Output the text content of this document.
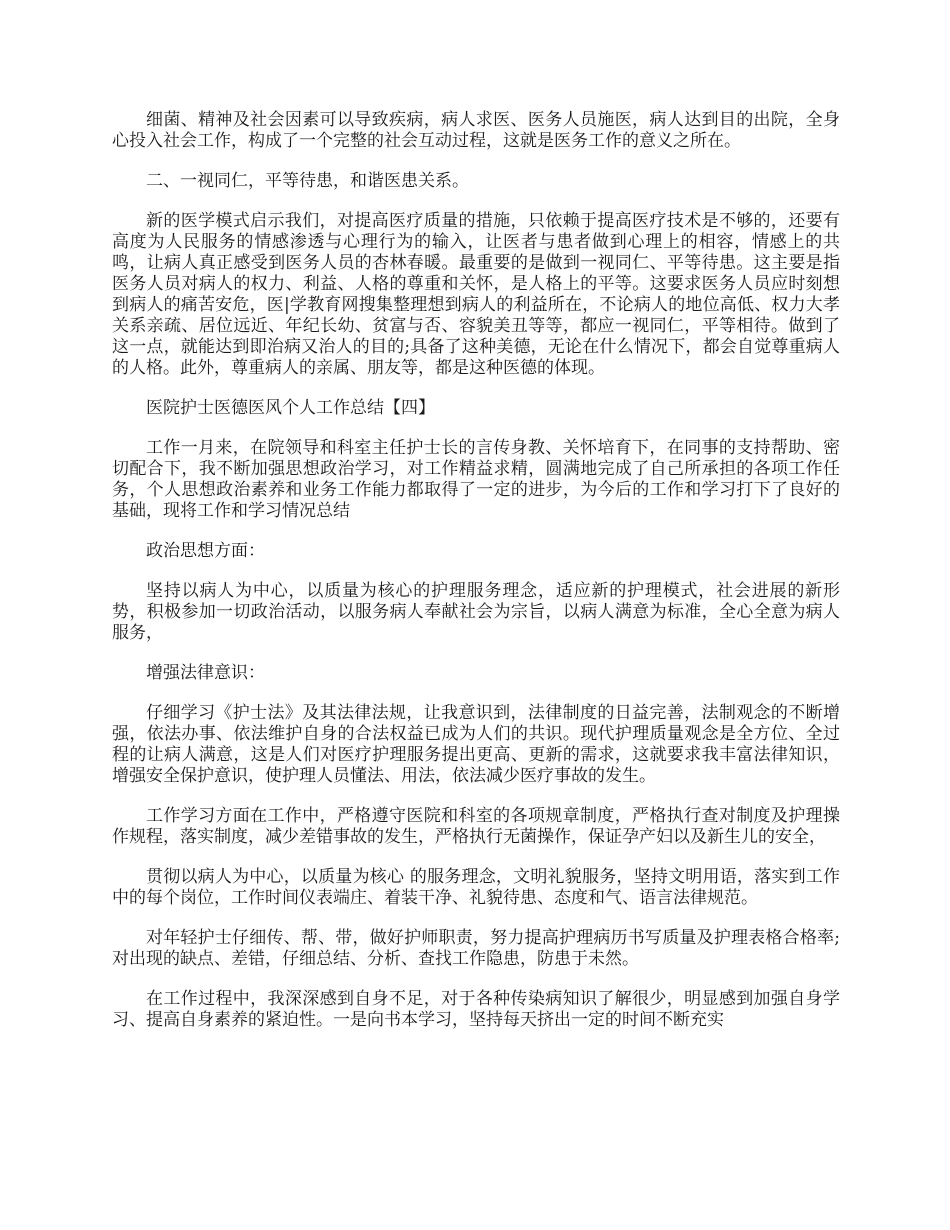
细菌、精神及社会因素可以导致疾病，病人求医、医务人员施医，病人达到目的出院，全身心投入社会工作，构成了一个完整的社会互动过程，这就是医务工作的意义之所在。

二、一视同仁，平等待患，和谐医患关系。

新的医学模式启示我们，对提高医疗质量的措施，只依赖于提高医疗技术是不够的，还要有高度为人民服务的情感渗透与心理行为的输入，让医者与患者做到心理上的相容，情感上的共鸣，让病人真正感受到医务人员的杏林春暖。最重要的是做到一视同仁、平等待患。这主要是指医务人员对病人的权力、利益、人格的尊重和关怀，是人格上的平等。这要求医务人员应时刻想到病人的痛苦安危，医|学教育网搜集整理想到病人的利益所在，不论病人的地位高低、权力大孝关系亲疏、居位远近、年纪长幼、贫富与否、容貌美丑等等，都应一视同仁，平等相待。做到了这一点，就能达到即治病又治人的目的;具备了这种美德，无论在什么情况下，都会自觉尊重病人的人格。此外，尊重病人的亲属、朋友等，都是这种医德的体现。

医院护士医德医风个人工作总结【四】

工作一月来，在院领导和科室主任护士长的言传身教、关怀培育下，在同事的支持帮助、密切配合下，我不断加强思想政治学习，对工作精益求精，圆满地完成了自己所承担的各项工作任务，个人思想政治素养和业务工作能力都取得了一定的进步，为今后的工作和学习打下了良好的基础，现将工作和学习情况总结

政治思想方面：

坚持以病人为中心，以质量为核心的护理服务理念，适应新的护理模式，社会进展的新形势，积极参加一切政治活动，以服务病人奉献社会为宗旨，以病人满意为标准，全心全意为病人服务，

增强法律意识：

仔细学习《护士法》及其法律法规，让我意识到，法律制度的日益完善，法制观念的不断增强，依法办事、依法维护自身的合法权益已成为人们的共识。现代护理质量观念是全方位、全过程的让病人满意，这是人们对医疗护理服务提出更高、更新的需求，这就要求我丰富法律知识，增强安全保护意识，使护理人员懂法、用法，依法减少医疗事故的发生。

工作学习方面在工作中，严格遵守医院和科室的各项规章制度，严格执行查对制度及护理操作规程，落实制度，减少差错事故的发生，严格执行无菌操作，保证孕产妇以及新生儿的安全，

贯彻以病人为中心，以质量为核心 的服务理念，文明礼貌服务，坚持文明用语，落实到工作中的每个岗位，工作时间仪表端庄、着装干净、礼貌待患、态度和气、语言法律规范。

对年轻护士仔细传、帮、带，做好护师职责，努力提高护理病历书写质量及护理表格合格率;对出现的缺点、差错，仔细总结、分析、查找工作隐患，防患于未然。

在工作过程中，我深深感到自身不足，对于各种传染病知识了解很少，明显感到加强自身学习、提高自身素养的紧迫性。一是向书本学习，坚持每天挤出一定的时间不断充实
